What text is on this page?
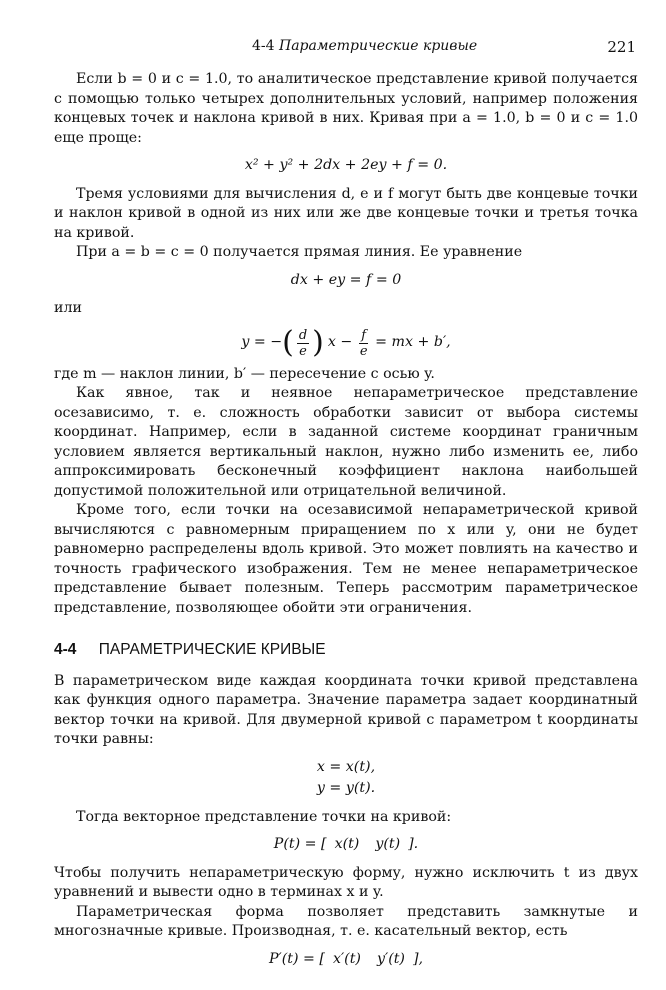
4-4 Параметрические кривые	221

Если b = 0 и c = 1.0, то аналитическое представление кривой получается с помощью только четырех дополнительных условий, например положения концевых точек и наклона кривой в них. Кривая при a = 1.0, b = 0 и c = 1.0 еще проще:

x² + y² + 2dx + 2ey + f = 0.

Тремя условиями для вычисления d, e и f могут быть две концевые точки и наклон кривой в одной из них или же две концевые точки и третья точка на кривой.

При a = b = c = 0 получается прямая линия. Ее уравнение

dx + ey = f = 0

или

y = − ( $\frac{d}{e}$ ) $x - \frac{f}{e}$ = mx + b′,

где m — наклон линии, b′ — пересечение с осью y.

Как явное, так и неявное непараметрическое представление осезависимо, т. е. сложность обработки зависит от выбора системы координат. Например, если в заданной системе координат граничным условием является вертикальный наклон, нужно либо изменить ее, либо аппроксимировать бесконечный коэффициент наклона наибольшей допустимой положительной или отрицательной величиной.

Кроме того, если точки на осезависимой непараметрической кривой вычисляются с равномерным приращением по x или y, они не будет равномерно распределены вдоль кривой. Это может повлиять на качество и точность графического изображения. Тем не менее непараметрическое представление бывает полезным. Теперь рассмотрим параметрическое представление, позволяющее обойти эти ограничения.

4-4 ПАРАМЕТРИЧЕСКИЕ КРИВЫЕ

В параметрическом виде каждая координата точки кривой представлена как функция одного параметра. Значение параметра задает координатный вектор точки на кривой. Для двумерной кривой с параметром t координаты точки равны:

x = x(t),
y = y(t).

Тогда векторное представление точки на кривой:

P(t) = [ x(t) y(t) ].

Чтобы получить непараметрическую форму, нужно исключить t из двух уравнений и вывести одно в терминах x и y.

Параметрическая форма позволяет представить замкнутые и многозначные кривые. Производная, т. е. касательный вектор, есть

P′(t) = [ x′(t) y′(t) ],
